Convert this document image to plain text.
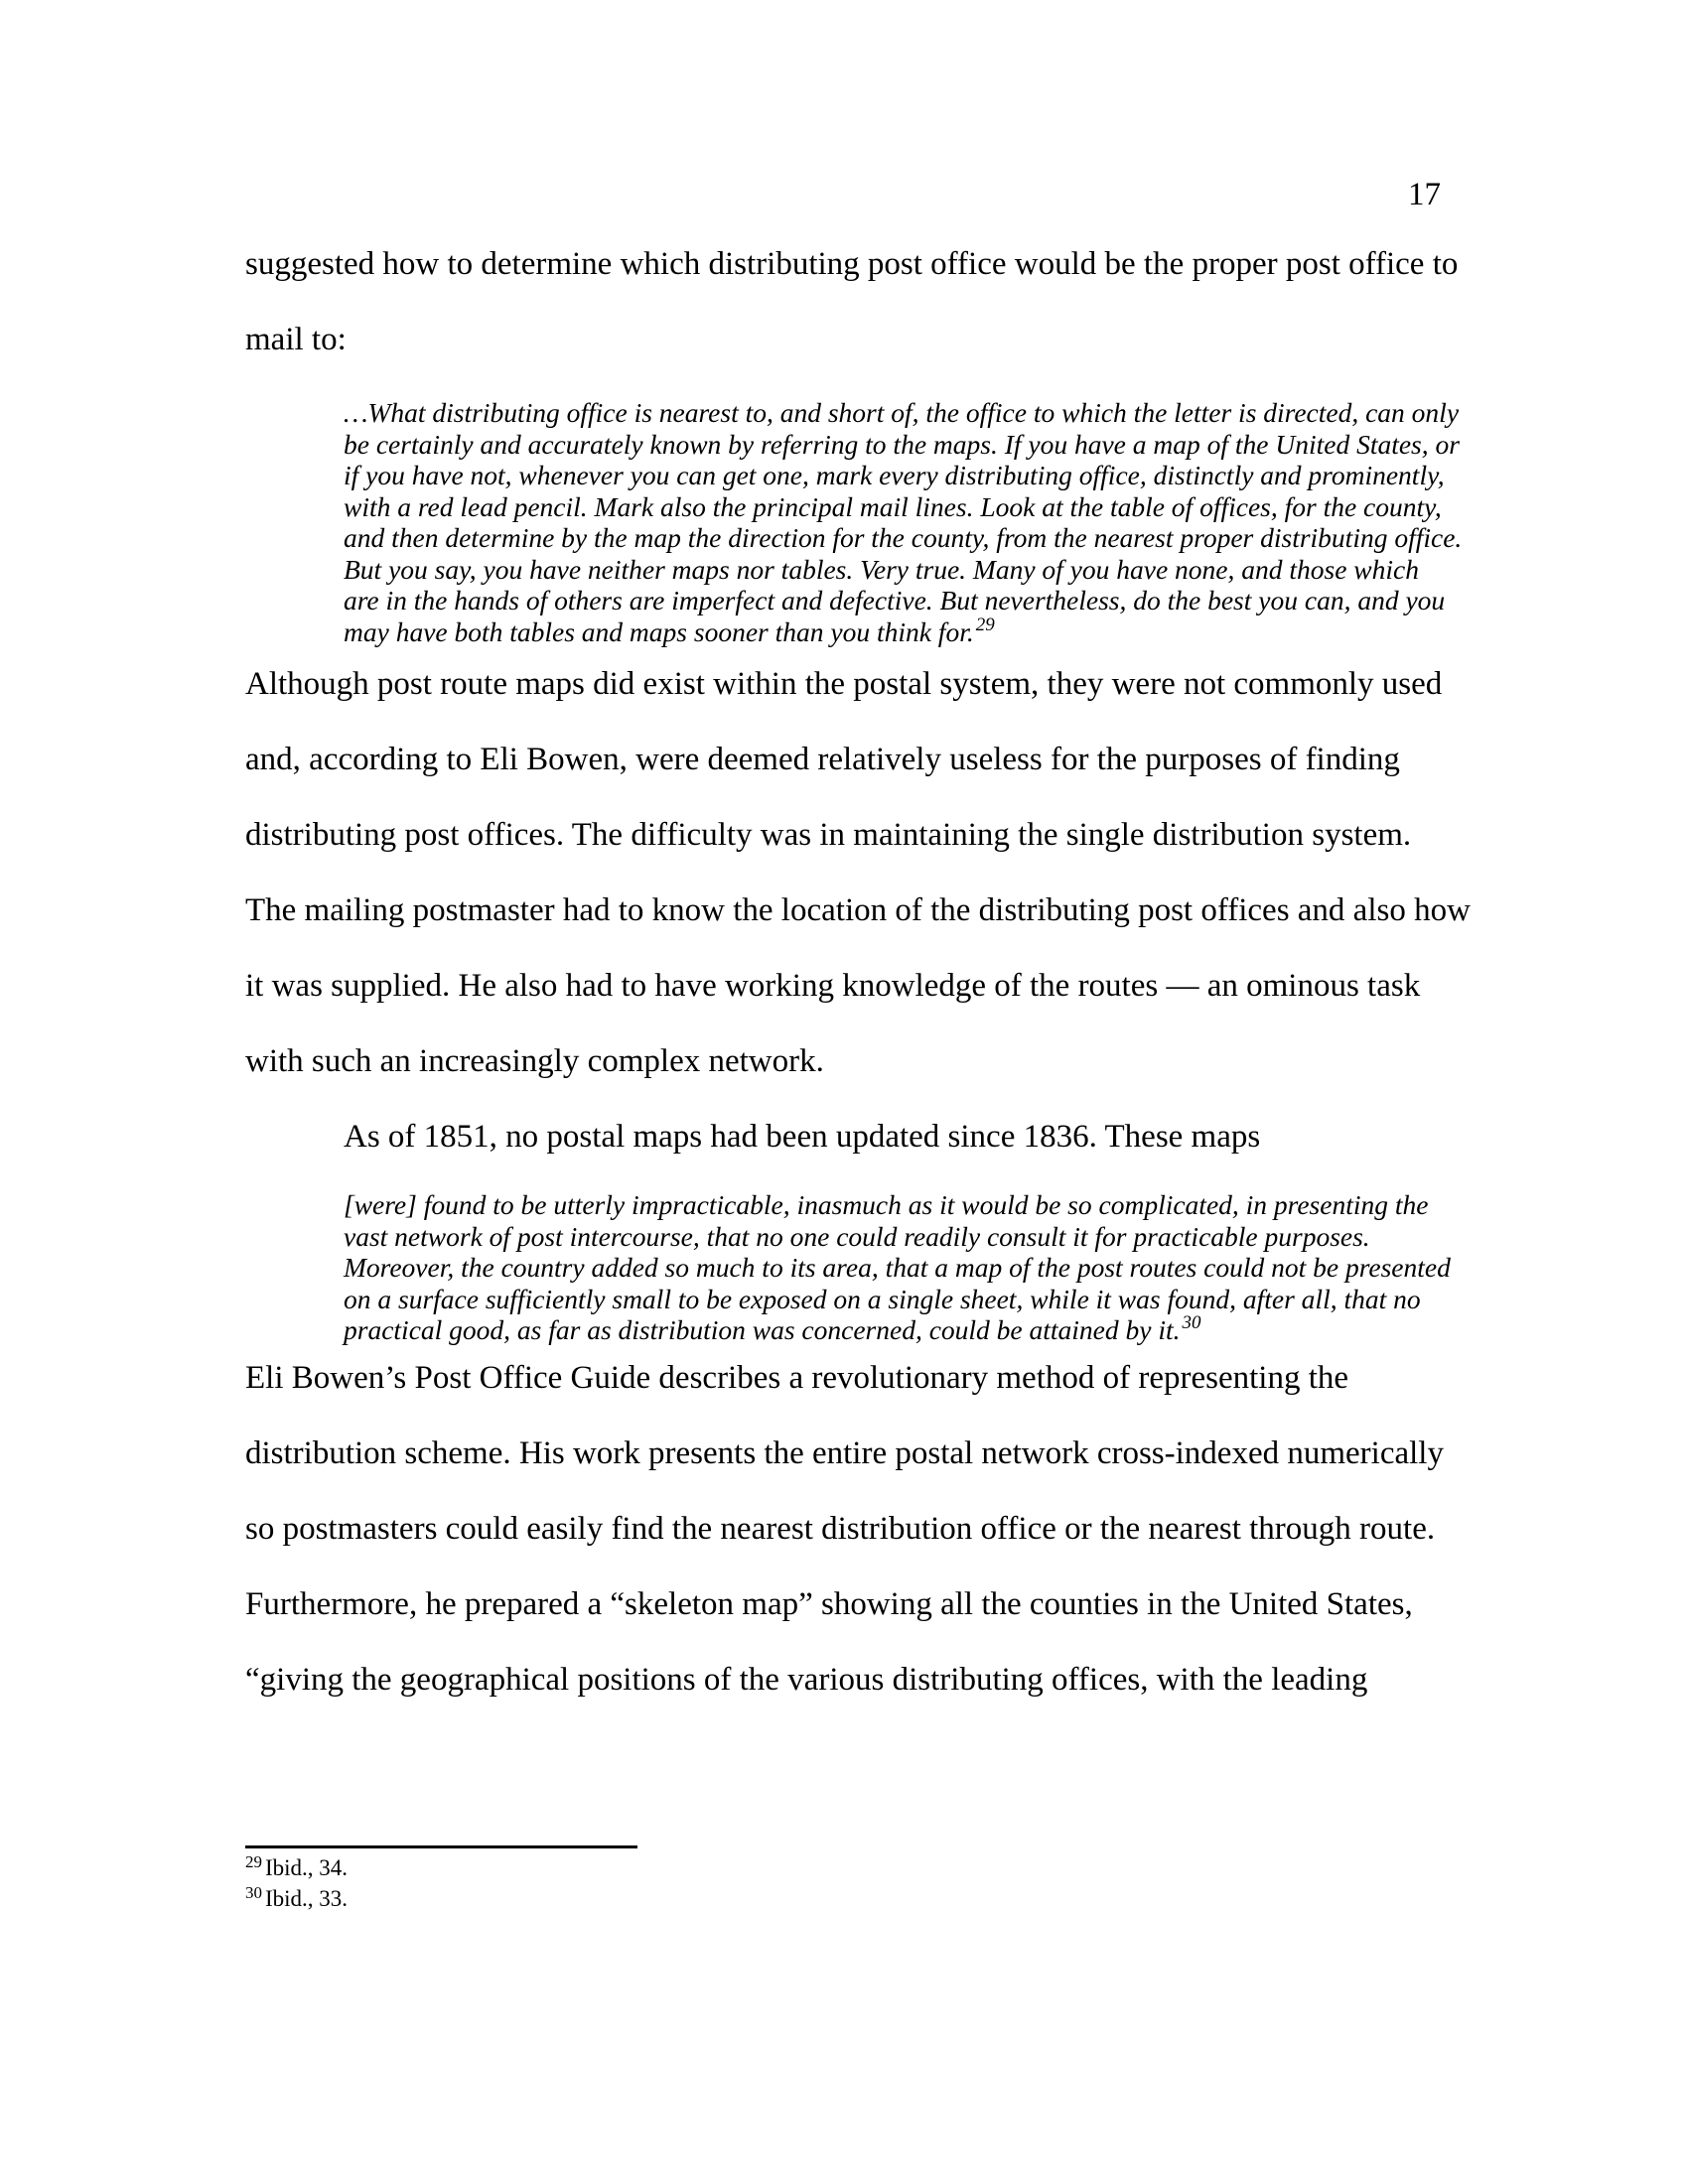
17
suggested how to determine which distributing post office would be the proper post office to
mail to:
…What distributing office is nearest to, and short of, the office to which the letter is directed, can only
be certainly and accurately known by referring to the maps. If you have a map of the United States, or
if you have not, whenever you can get one, mark every distributing office, distinctly and prominently,
with a red lead pencil. Mark also the principal mail lines. Look at the table of offices, for the county,
and then determine by the map the direction for the county, from the nearest proper distributing office.
But you say, you have neither maps nor tables. Very true. Many of you have none, and those which
are in the hands of others are imperfect and defective. But nevertheless, do the best you can, and you
may have both tables and maps sooner than you think for. $^{29}$
Although post route maps did exist within the postal system, they were not commonly used
and, according to Eli Bowen, were deemed relatively useless for the purposes of finding
distributing post offices. The difficulty was in maintaining the single distribution system.
The mailing postmaster had to know the location of the distributing post offices and also how
it was supplied. He also had to have working knowledge of the routes — an ominous task
with such an increasingly complex network.
As of 1851, no postal maps had been updated since 1836. These maps
[were] found to be utterly impracticable, inasmuch as it would be so complicated, in presenting the
vast network of post intercourse, that no one could readily consult it for practicable purposes.
Moreover, the country added so much to its area, that a map of the post routes could not be presented
on a surface sufficiently small to be exposed on a single sheet, while it was found, after all, that no
practical good, as far as distribution was concerned, could be attained by it. $^{30}$
Eli Bowen’s Post Office Guide describes a revolutionary method of representing the
distribution scheme. His work presents the entire postal network cross-indexed numerically
so postmasters could easily find the nearest distribution office or the nearest through route.
Furthermore, he prepared a “skeleton map” showing all the counties in the United States,
“giving the geographical positions of the various distributing offices, with the leading
$^{29}$ Ibid., 34.
$^{30}$ Ibid., 33.
